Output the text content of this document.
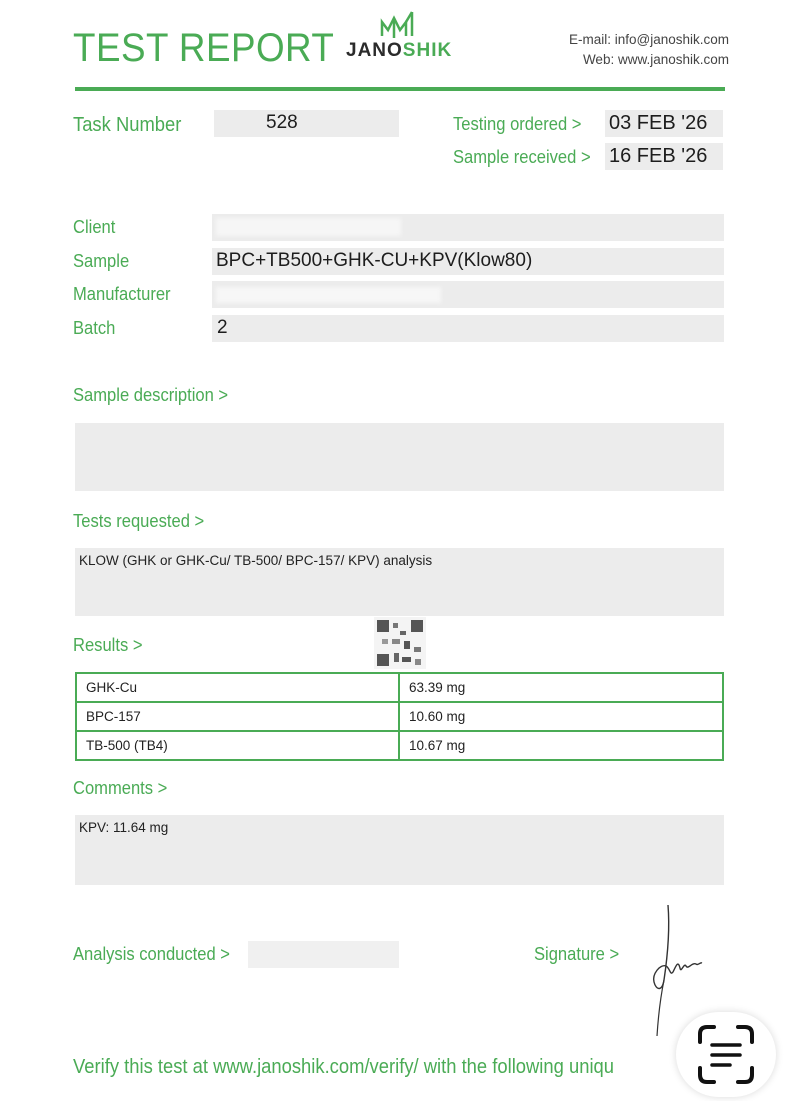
TEST REPORT JANOSHIK
E-mail: info@janoshik.com
Web: www.janoshik.com
Task Number	528	Testing ordered > 03 FEB '26
Sample received > 16 FEB '26
Client
Sample	BPC+TB500+GHK-CU+KPV(Klow80)
Manufacturer
Batch	2
Sample description >
Tests requested >
KLOW (GHK or GHK-Cu/ TB-500/ BPC-157/ KPV) analysis
Results >
GHK-Cu	63.39 mg
BPC-157	10.60 mg
TB-500 (TB4)	10.67 mg
Comments >
KPV: 11.64 mg
Analysis conducted >	Signature >
Verify this test at www.janoshik.com/verify/ with the following uniqu
